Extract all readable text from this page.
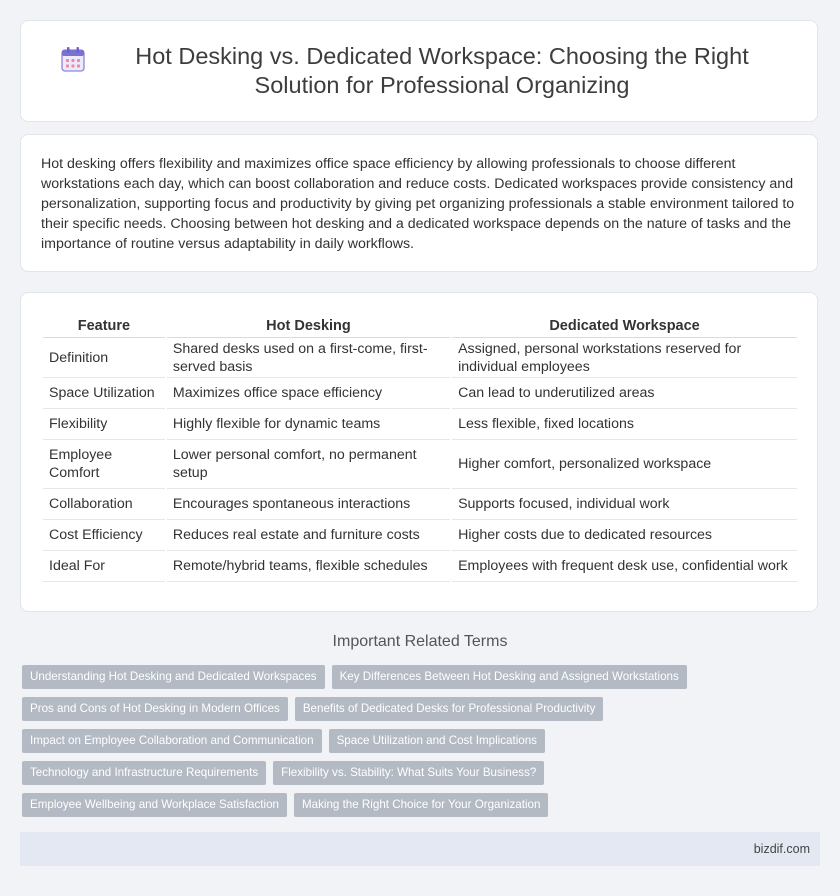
Hot Desking vs. Dedicated Workspace: Choosing the Right Solution for Professional Organizing

Hot desking offers flexibility and maximizes office space efficiency by allowing professionals to choose different workstations each day, which can boost collaboration and reduce costs. Dedicated workspaces provide consistency and personalization, supporting focus and productivity by giving pet organizing professionals a stable environment tailored to their specific needs. Choosing between hot desking and a dedicated workspace depends on the nature of tasks and the importance of routine versus adaptability in daily workflows.

Feature	Hot Desking	Dedicated Workspace
Definition	Shared desks used on a first-come, first-served basis	Assigned, personal workstations reserved for individual employees
Space Utilization	Maximizes office space efficiency	Can lead to underutilized areas
Flexibility	Highly flexible for dynamic teams	Less flexible, fixed locations
Employee Comfort	Lower personal comfort, no permanent setup	Higher comfort, personalized workspace
Collaboration	Encourages spontaneous interactions	Supports focused, individual work
Cost Efficiency	Reduces real estate and furniture costs	Higher costs due to dedicated resources
Ideal For	Remote/hybrid teams, flexible schedules	Employees with frequent desk use, confidential work
Important Related Terms
Understanding Hot Desking and Dedicated Workspaces	Key Differences Between Hot Desking and Assigned Workstations
Pros and Cons of Hot Desking in Modern Offices	Benefits of Dedicated Desks for Professional Productivity
Impact on Employee Collaboration and Communication	Space Utilization and Cost Implications
Technology and Infrastructure Requirements	Flexibility vs. Stability: What Suits Your Business?
Employee Wellbeing and Workplace Satisfaction	Making the Right Choice for Your Organization
bizdif.com
